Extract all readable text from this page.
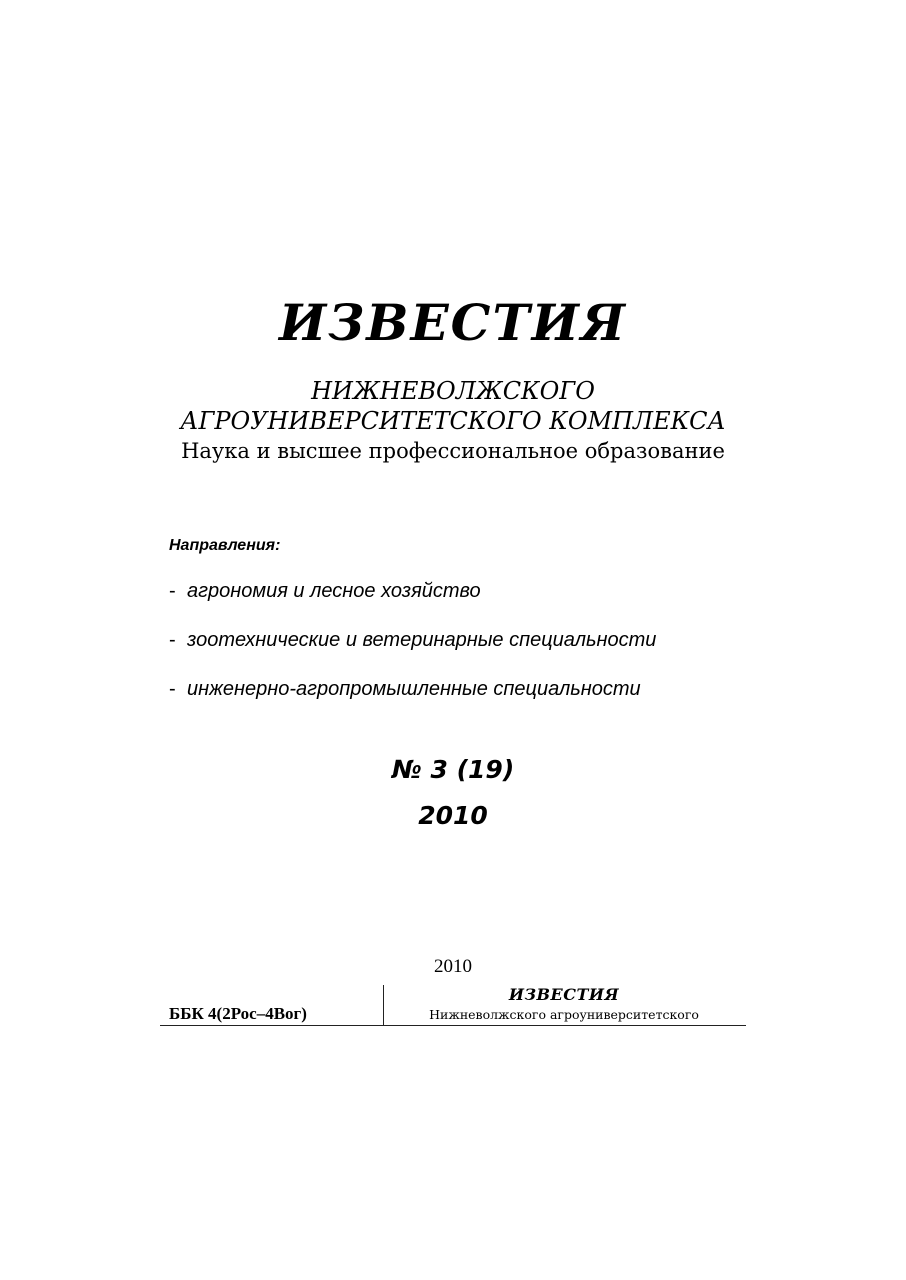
ИЗВЕСТИЯ
НИЖНЕВОЛЖСКОГО
АГРОУНИВЕРСИТЕТСКОГО КОМПЛЕКСА
Наука и высшее профессиональное образование
Направления:
- агрономия и лесное хозяйство
- зоотехнические и ветеринарные специальности
- инженерно-агропромышленные специальности
№ 3 (19)
2010
2010
ББК 4(2Рос–4Вог)
ИЗВЕСТИЯ
Нижневолжского агроуниверситетского
